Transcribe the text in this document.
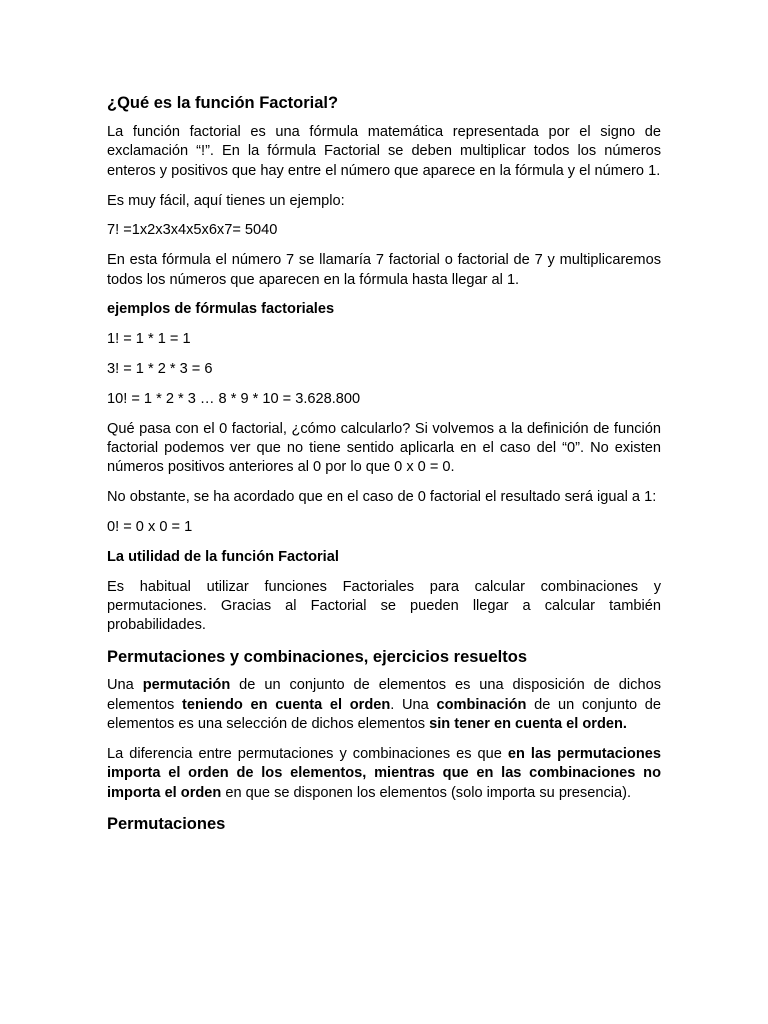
¿Qué es la función Factorial?

La función factorial es una fórmula matemática representada por el signo de exclamación “!”. En la fórmula Factorial se deben multiplicar todos los números enteros y positivos que hay entre el número que aparece en la fórmula y el número 1.

Es muy fácil, aquí tienes un ejemplo:

7! =1x2x3x4x5x6x7= 5040

En esta fórmula el número 7 se llamaría 7 factorial o factorial de 7 y multiplicaremos todos los números que aparecen en la fórmula hasta llegar al 1.

ejemplos de fórmulas factoriales

1! = 1 * 1 = 1

3! = 1 * 2 * 3 = 6

10! = 1 * 2 * 3 … 8 * 9 * 10 = 3.628.800

Qué pasa con el 0 factorial, ¿cómo calcularlo? Si volvemos a la definición de función factorial podemos ver que no tiene sentido aplicarla en el caso del “0”. No existen números positivos anteriores al 0 por lo que 0 x 0 = 0.

No obstante, se ha acordado que en el caso de 0 factorial el resultado será igual a 1:

0! = 0 x 0 = 1

La utilidad de la función Factorial

Es habitual utilizar funciones Factoriales para calcular combinaciones y permutaciones. Gracias al Factorial se pueden llegar a calcular también probabilidades.

Permutaciones y combinaciones, ejercicios resueltos

Una permutación de un conjunto de elementos es una disposición de dichos elementos teniendo en cuenta el orden. Una combinación de un conjunto de elementos es una selección de dichos elementos sin tener en cuenta el orden.

La diferencia entre permutaciones y combinaciones es que en las permutaciones importa el orden de los elementos, mientras que en las combinaciones no importa el orden en que se disponen los elementos (solo importa su presencia).

Permutaciones
